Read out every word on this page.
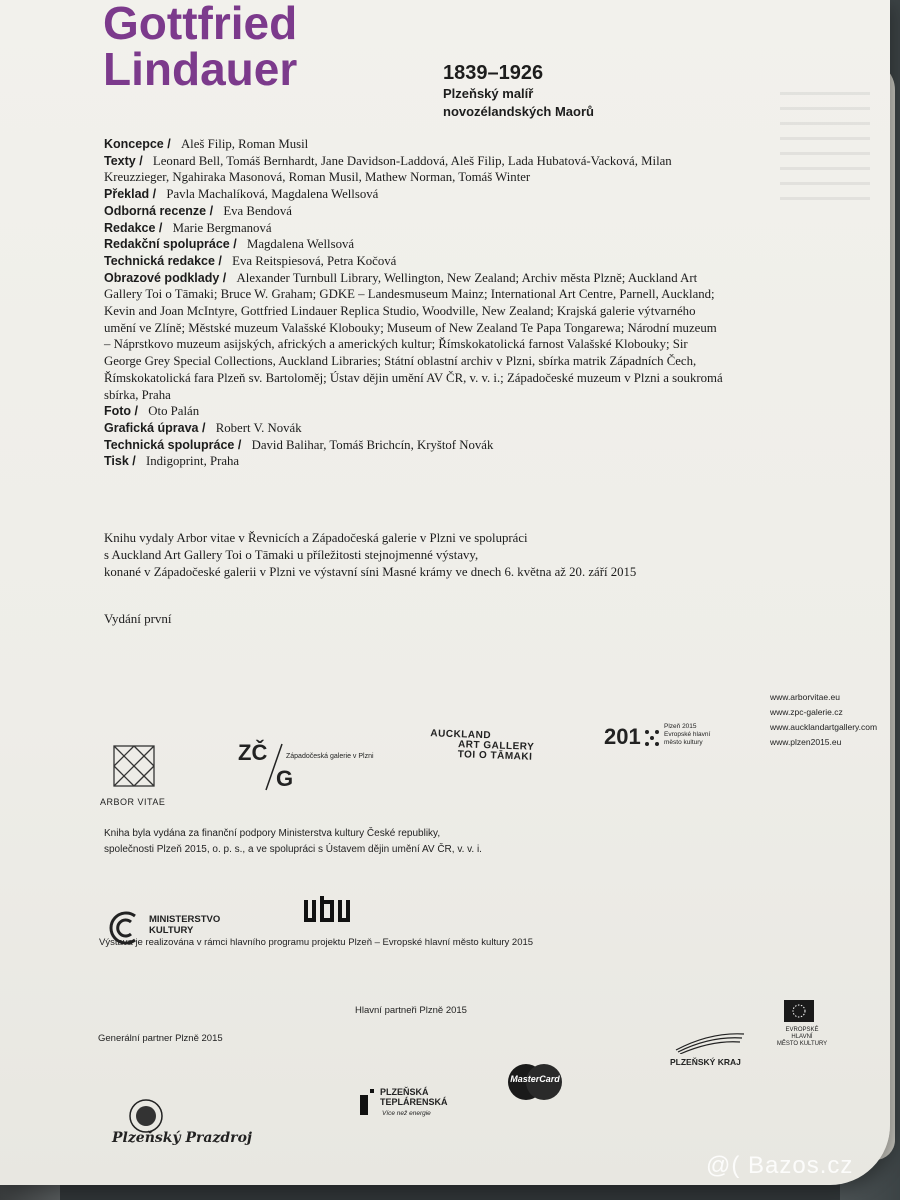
Gottfried
Lindauer	1839–1926
Plzeňský malíř
novozélandských Maorů

Koncepce / Aleš Filip, Roman Musil

Texty / Leonard Bell, Tomáš Bernhardt, Jane Davidson-Laddová, Aleš Filip, Lada Hubatová-Vacková, Milan Kreuzzieger, Ngahiraka Masonová, Roman Musil, Mathew Norman, Tomáš Winter

Překlad / Pavla Machalíková, Magdalena Wellsová

Odborná recenze / Eva Bendová

Redakce / Marie Bergmanová

Redakční spolupráce / Magdalena Wellsová

Technická redakce / Eva Reitspiesová, Petra Kočová

Obrazové podklady / Alexander Turnbull Library, Wellington, New Zealand; Archiv města Plzně; Auckland Art Gallery Toi o Tāmaki; Bruce W. Graham; GDKE – Landesmuseum Mainz; International Art Centre, Parnell, Auckland; Kevin and Joan McIntyre, Gottfried Lindauer Replica Studio, Woodville, New Zealand; Krajská galerie výtvarného umění ve Zlíně; Městské muzeum Valašské Klobouky; Museum of New Zealand Te Papa Tongarewa; Národní muzeum – Náprstkovo muzeum asijských, afrických a amerických kultur; Římskokatolická farnost Valašské Klobouky; Sir George Grey Special Collections, Auckland Libraries; Státní oblastní archiv v Plzni, sbírka matrik Západních Čech, Římskokatolická fara Plzeň sv. Bartoloměj; Ústav dějin umění AV ČR, v. v. i.; Západočeské muzeum v Plzni a soukromá sbírka, Praha

Foto / Oto Palán

Grafická úprava / Robert V. Novák

Technická spolupráce / David Balihar, Tomáš Brichcín, Kryštof Novák

Tisk / Indigoprint, Praha

Knihu vydaly Arbor vitae v Řevnicích a Západočeská galerie v Plzni ve spolupráci

s Auckland Art Gallery Toi o Tāmaki u příležitosti stejnojmenné výstavy,

konané v Západočeské galerii v Plzni ve výstavní síni Masné krámy ve dnech 6. května až 20. září 2015

Vydání první
www.arborvitae.eu
www.zpc-galerie.cz
www.aucklandartgallery.com
www.plzen2015.eu
ARBOR VITAE
ZČ
G
Západočeská galerie v Plzni
AUCKLAND
ART GALLERY
TOI O TĀMAKI
201	Plzeň 2015
Evropské hlavní
město kultury

Kniha byla vydána za finanční podpory Ministerstva kultury České republiky,

společnosti Plzeň 2015, o. p. s., a ve spolupráci s Ústavem dějin umění AV ČR, v. v. i.

MINISTERSTVO
KULTURY
Výstava je realizována v rámci hlavního programu projektu Plzeň – Evropské hlavní město kultury 2015
Hlavní partneři Plzně 2015
Generální partner Plzně 2015
PLZEŇSKÁ
TEPLÁRENSKÁ
Více než energie
MasterCard
PLZEŇSKÝ KRAJ
EVROPSKÉ HLAVNÍ
MĚSTO KULTURY
Plzeňský Prazdroj
@( Bazos.cz
